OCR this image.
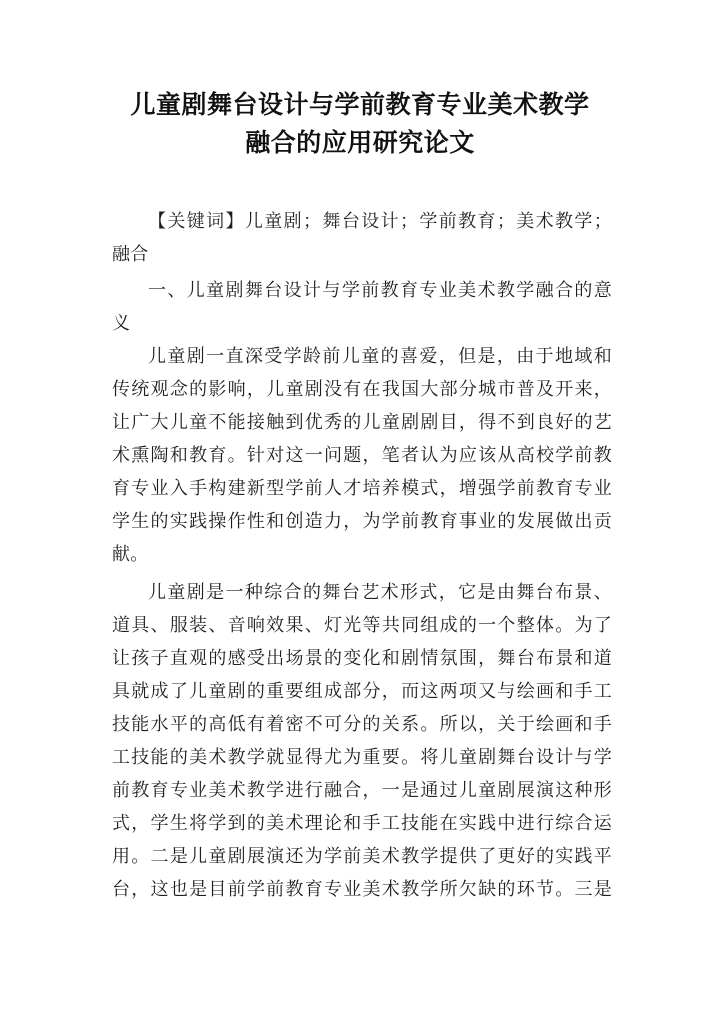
儿童剧舞台设计与学前教育专业美术教学
融合的应用研究论文
【关键词】儿童剧；舞台设计；学前教育；美术教学；
融合
一、儿童剧舞台设计与学前教育专业美术教学融合的意
义
儿童剧一直深受学龄前儿童的喜爱，但是，由于地域和
传统观念的影响，儿童剧没有在我国大部分城市普及开来，
让广大儿童不能接触到优秀的儿童剧剧目，得不到良好的艺
术熏陶和教育。针对这一问题，笔者认为应该从高校学前教
育专业入手构建新型学前人才培养模式，增强学前教育专业
学生的实践操作性和创造力，为学前教育事业的发展做出贡
献。
儿童剧是一种综合的舞台艺术形式，它是由舞台布景、
道具、服装、音响效果、灯光等共同组成的一个整体。为了
让孩子直观的感受出场景的变化和剧情氛围，舞台布景和道
具就成了儿童剧的重要组成部分，而这两项又与绘画和手工
技能水平的高低有着密不可分的关系。所以，关于绘画和手
工技能的美术教学就显得尤为重要。将儿童剧舞台设计与学
前教育专业美术教学进行融合，一是通过儿童剧展演这种形
式，学生将学到的美术理论和手工技能在实践中进行综合运
用。二是儿童剧展演还为学前美术教学提供了更好的实践平
台，这也是目前学前教育专业美术教学所欠缺的环节。三是
